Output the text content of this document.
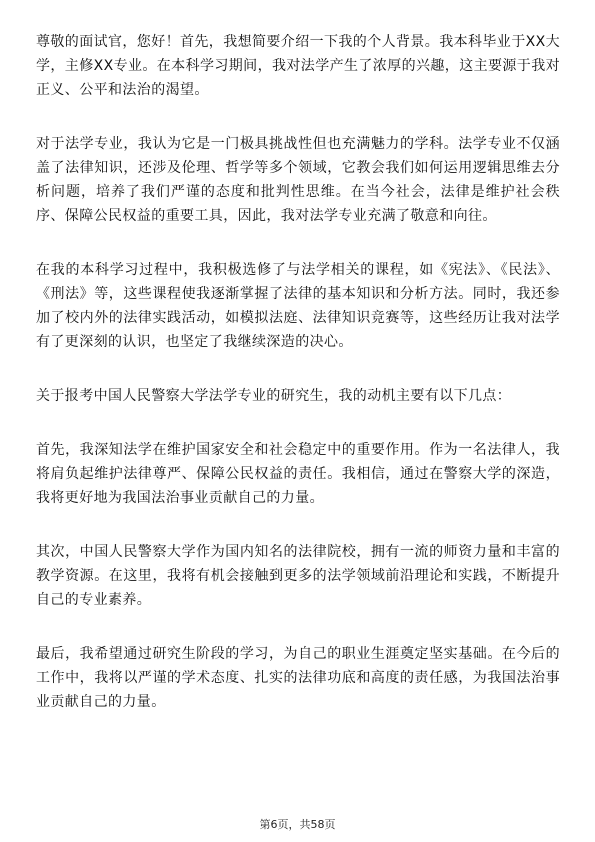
尊敬的面试官，您好！首先，我想简要介绍一下我的个人背景。我本科毕业于XX大学，主修XX专业。在本科学习期间，我对法学产生了浓厚的兴趣，这主要源于我对正义、公平和法治的渴望。

对于法学专业，我认为它是一门极具挑战性但也充满魅力的学科。法学专业不仅涵盖了法律知识，还涉及伦理、哲学等多个领域，它教会我们如何运用逻辑思维去分析问题，培养了我们严谨的态度和批判性思维。在当今社会，法律是维护社会秩序、保障公民权益的重要工具，因此，我对法学专业充满了敬意和向往。

在我的本科学习过程中，我积极选修了与法学相关的课程，如《宪法》、《民法》、《刑法》等，这些课程使我逐渐掌握了法律的基本知识和分析方法。同时，我还参加了校内外的法律实践活动，如模拟法庭、法律知识竞赛等，这些经历让我对法学有了更深刻的认识，也坚定了我继续深造的决心。

关于报考中国人民警察大学法学专业的研究生，我的动机主要有以下几点：

首先，我深知法学在维护国家安全和社会稳定中的重要作用。作为一名法律人，我将肩负起维护法律尊严、保障公民权益的责任。我相信，通过在警察大学的深造，我将更好地为我国法治事业贡献自己的力量。

其次，中国人民警察大学作为国内知名的法律院校，拥有一流的师资力量和丰富的教学资源。在这里，我将有机会接触到更多的法学领域前沿理论和实践，不断提升自己的专业素养。

最后，我希望通过研究生阶段的学习，为自己的职业生涯奠定坚实基础。在今后的工作中，我将以严谨的学术态度、扎实的法律功底和高度的责任感，为我国法治事业贡献自己的力量。

第6页，共58页
